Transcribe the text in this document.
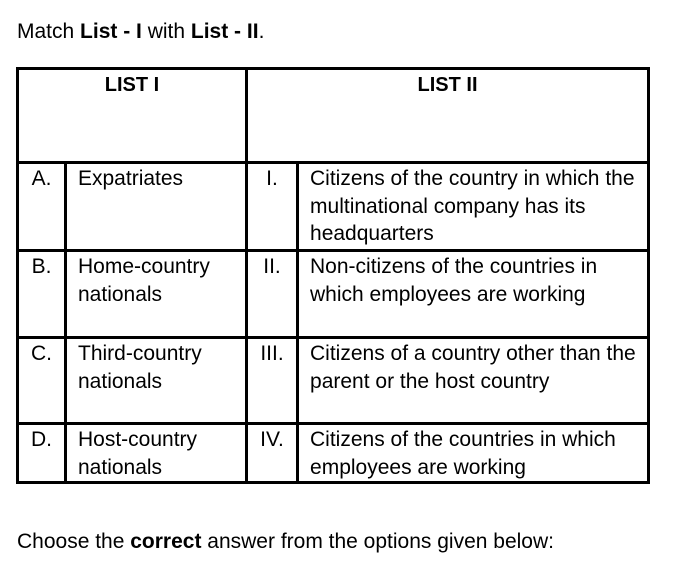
Match List - I with List - II.
LIST I		LIST II	
A.	Expatriates	I.	Citizens of the country in which the multinational company has its headquarters
B.	Home-country nationals	II.	Non-citizens of the countries in which employees are working
C.	Third-country nationals	III.	Citizens of a country other than the parent or the host country
D.	Host-country nationals	IV.	Citizens of the countries in which employees are working
Choose the correct answer from the options given below:
